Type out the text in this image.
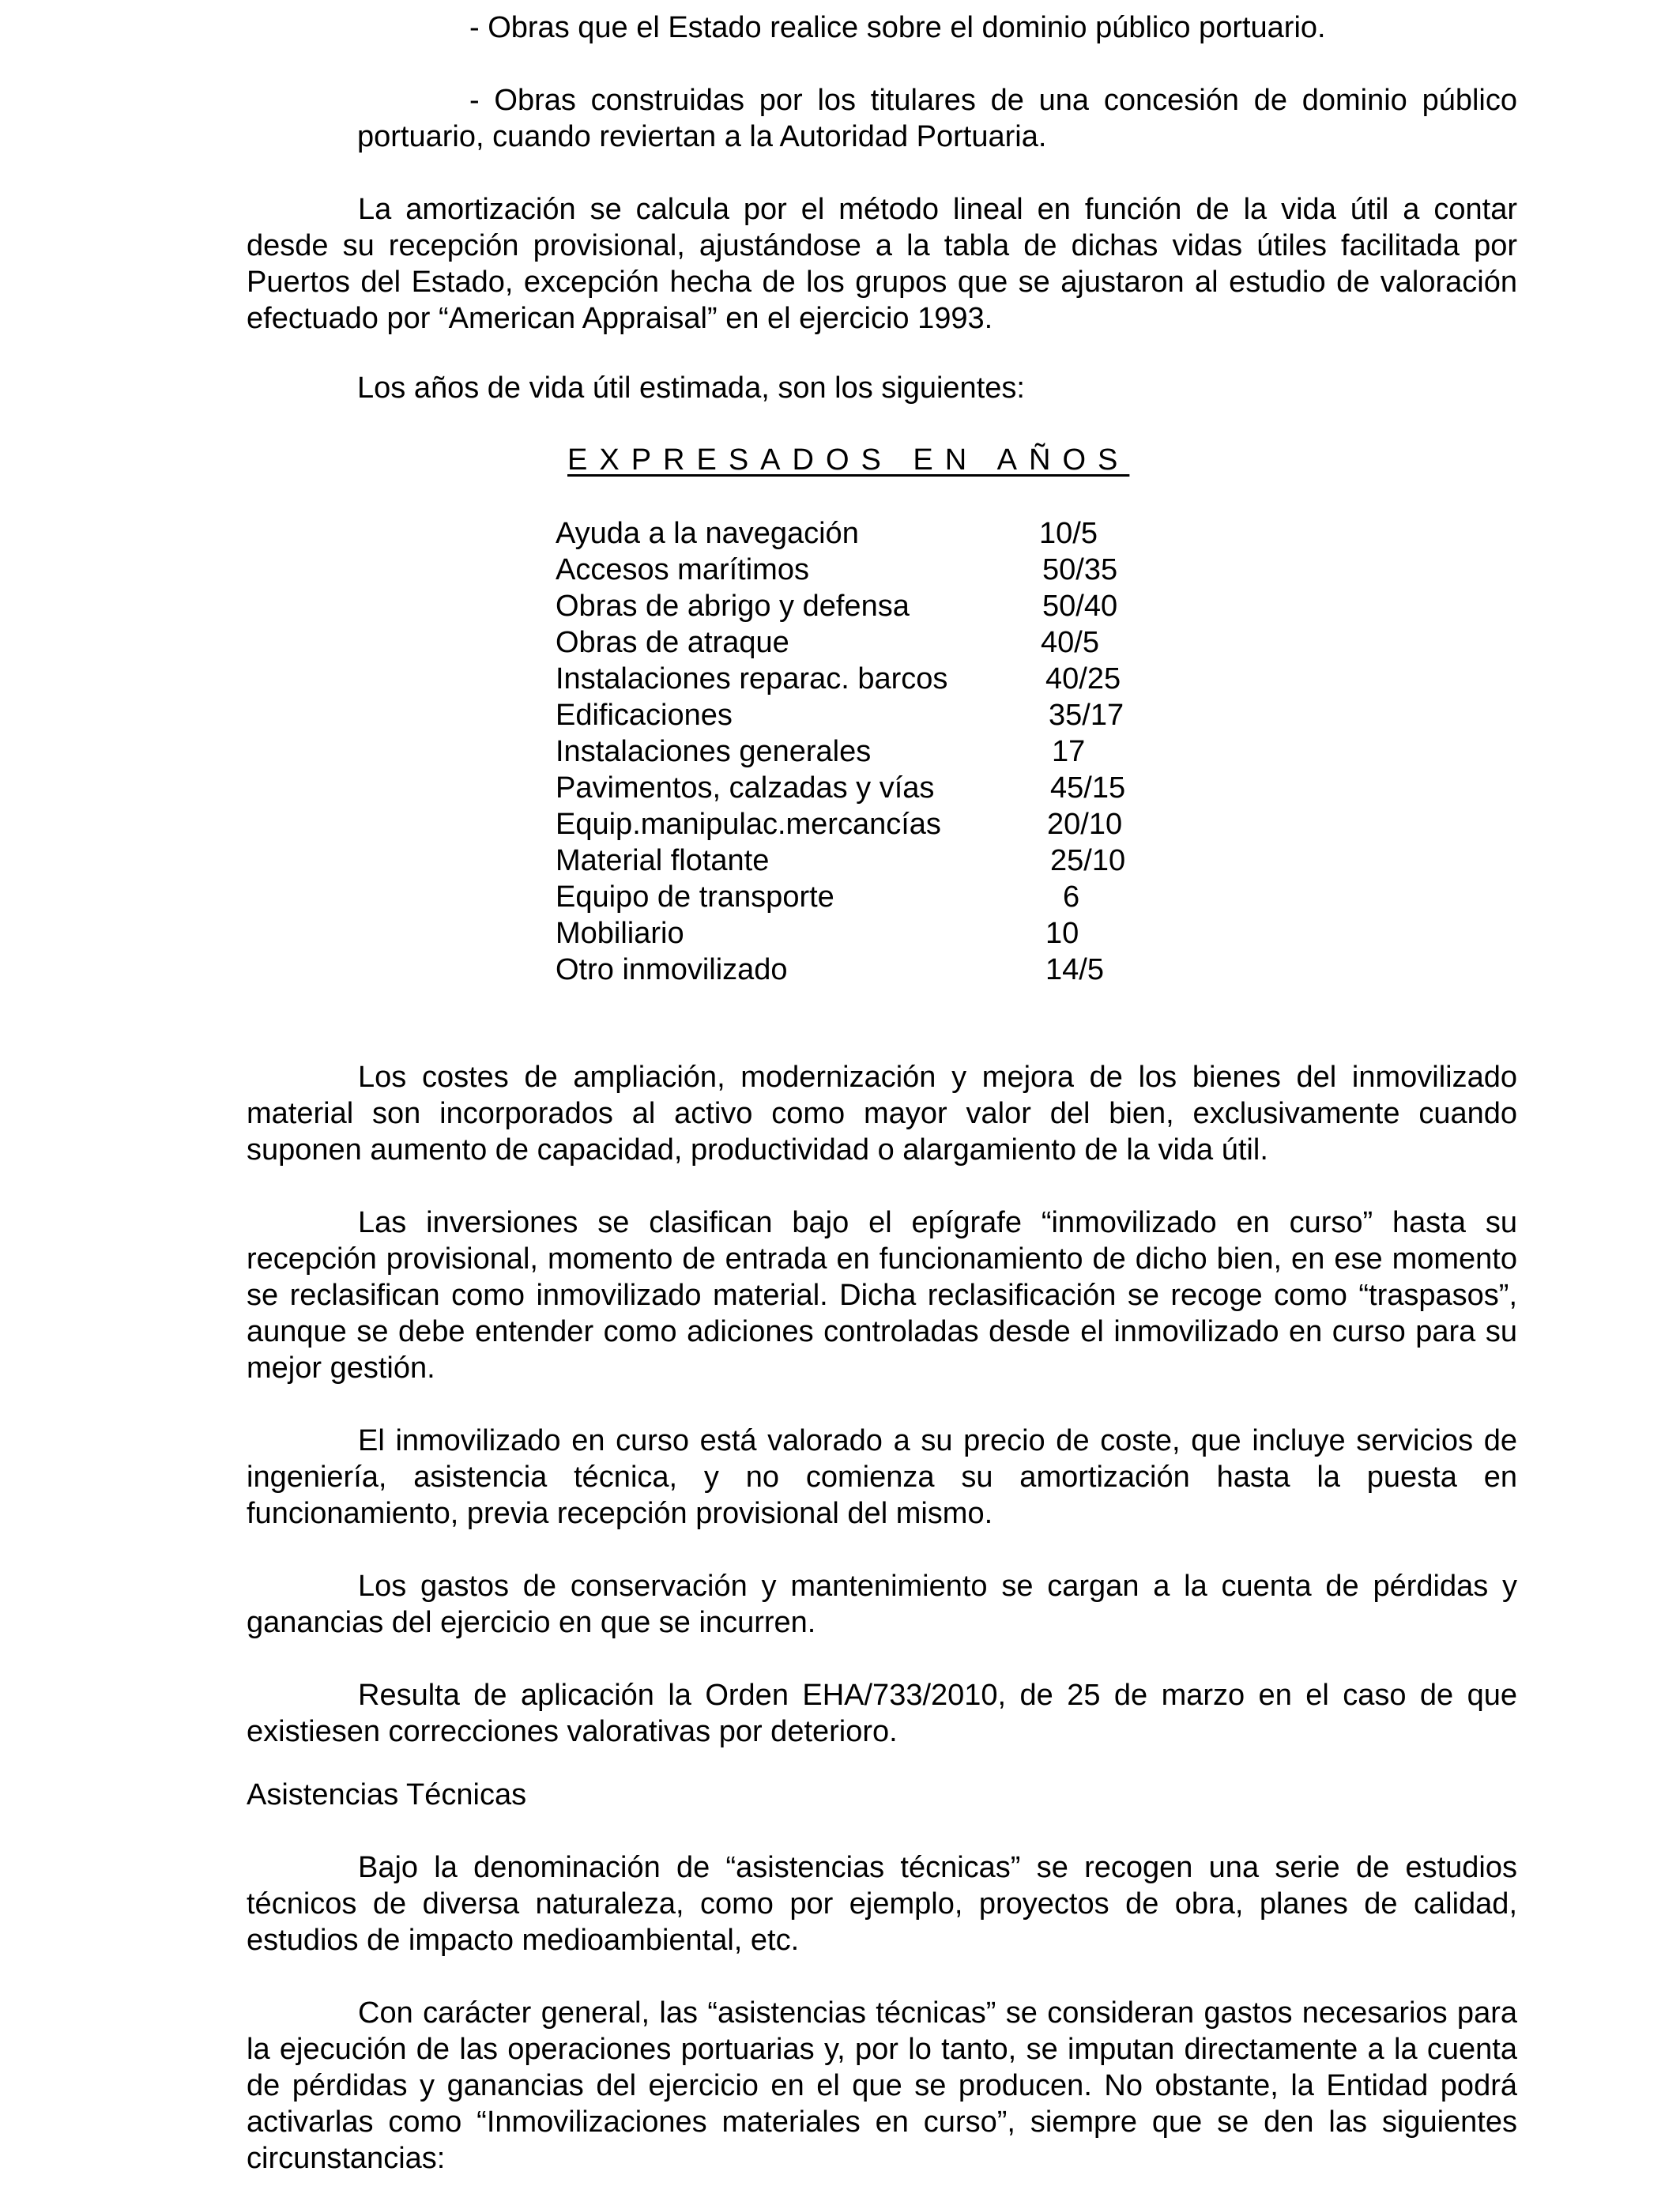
- Obras que el Estado realice sobre el dominio público portuario.
- Obras construidas por los titulares de una concesión de dominio público portuario, cuando reviertan a la Autoridad Portuaria.

La amortización se calcula por el método lineal en función de la vida útil a contar desde su recepción provisional, ajustándose a la tabla de dichas vidas útiles facilitada por Puertos del Estado, excepción hecha de los grupos que se ajustaron al estudio de valoración efectuado por “American Appraisal” en el ejercicio 1993.

Los años de vida útil estimada, son los siguientes:
EXPRESADOS EN AÑOS
Ayuda a la navegación	10/5
Accesos marítimos	50/35
Obras de abrigo y defensa	50/40
Obras de atraque	40/5
Instalaciones reparac. barcos	40/25
Edificaciones	35/17
Instalaciones generales	17
Pavimentos, calzadas y vías	45/15
Equip.manipulac.mercancías	20/10
Material flotante	25/10
Equipo de transporte	6
Mobiliario	10
Otro inmovilizado	14/5

Los costes de ampliación, modernización y mejora de los bienes del inmovilizado material son incorporados al activo como mayor valor del bien, exclusivamente cuando suponen aumento de capacidad, productividad o alargamiento de la vida útil.

Las inversiones se clasifican bajo el epígrafe “inmovilizado en curso” hasta su recepción provisional, momento de entrada en funcionamiento de dicho bien, en ese momento se reclasifican como inmovilizado material. Dicha reclasificación se recoge como “traspasos”, aunque se debe entender como adiciones controladas desde el inmovilizado en curso para su mejor gestión.

El inmovilizado en curso está valorado a su precio de coste, que incluye servicios de ingeniería, asistencia técnica, y no comienza su amortización hasta la puesta en funcionamiento, previa recepción provisional del mismo.

Los gastos de conservación y mantenimiento se cargan a la cuenta de pérdidas y ganancias del ejercicio en que se incurren.

Resulta de aplicación la Orden EHA/733/2010, de 25 de marzo en el caso de que existiesen correcciones valorativas por deterioro.

Asistencias Técnicas

Bajo la denominación de “asistencias técnicas” se recogen una serie de estudios técnicos de diversa naturaleza, como por ejemplo, proyectos de obra, planes de calidad, estudios de impacto medioambiental, etc.

Con carácter general, las “asistencias técnicas” se consideran gastos necesarios para la ejecución de las operaciones portuarias y, por lo tanto, se imputan directamente a la cuenta de pérdidas y ganancias del ejercicio en el que se producen. No obstante, la Entidad podrá activarlas como “Inmovilizaciones materiales en curso”, siempre que se den las siguientes circunstancias:
